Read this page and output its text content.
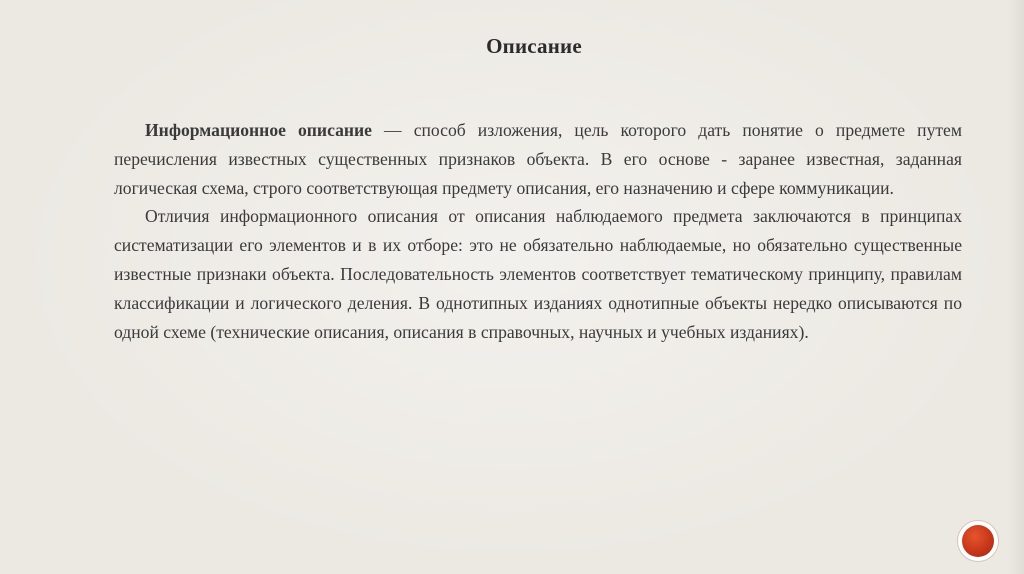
Описание

Информационное описание — способ изложения, цель которого дать понятие о предмете путем перечисления известных существенных признаков объекта. В его основе - заранее известная, заданная логическая схема, строго соответствующая предмету описания, его назначению и сфере коммуникации.

Отличия информационного описания от описания наблюдаемого предмета заключаются в принципах систематизации его элементов и в их отборе: это не обязательно наблюдаемые, но обязательно существенные известные признаки объекта. Последовательность элементов соответствует тематическому принципу, правилам классификации и логического деления. В однотипных изданиях однотипные объекты нередко описываются по одной схеме (технические описания, описания в справочных, научных и учебных изданиях).
